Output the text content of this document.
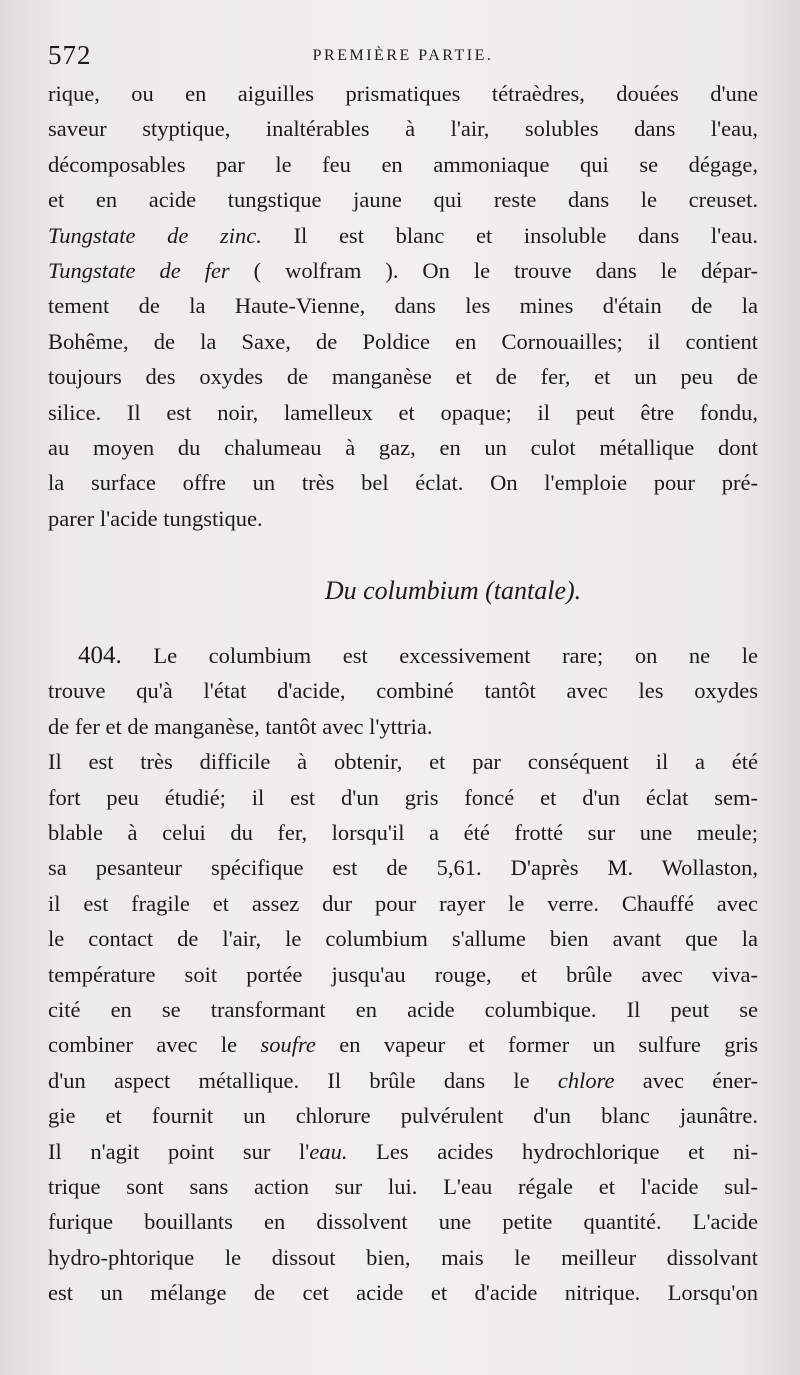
572	PREMIÈRE PARTIE.
rique, ou en aiguilles prismatiques tétraèdres, douées d'une
saveur styptique, inaltérables à l'air, solubles dans l'eau,
décomposables par le feu en ammoniaque qui se dégage,
et en acide tungstique jaune qui reste dans le creuset.
Tungstate de zinc. Il est blanc et insoluble dans l'eau.
Tungstate de fer ( wolfram ). On le trouve dans le dépar-
tement de la Haute-Vienne, dans les mines d'étain de la
Bohême, de la Saxe, de Poldice en Cornouailles; il contient
toujours des oxydes de manganèse et de fer, et un peu de
silice. Il est noir, lamelleux et opaque; il peut être fondu,
au moyen du chalumeau à gaz, en un culot métallique dont
la surface offre un très bel éclat. On l'emploie pour pré-
parer l'acide tungstique.
Du columbium (tantale).
404. Le columbium est excessivement rare; on ne le
trouve qu'à l'état d'acide, combiné tantôt avec les oxydes
de fer et de manganèse, tantôt avec l'yttria.
Il est très difficile à obtenir, et par conséquent il a été
fort peu étudié; il est d'un gris foncé et d'un éclat sem-
blable à celui du fer, lorsqu'il a été frotté sur une meule;
sa pesanteur spécifique est de 5,61. D'après M. Wollaston,
il est fragile et assez dur pour rayer le verre. Chauffé avec
le contact de l'air, le columbium s'allume bien avant que la
température soit portée jusqu'au rouge, et brûle avec viva-
cité en se transformant en acide columbique. Il peut se
combiner avec le soufre en vapeur et former un sulfure gris
d'un aspect métallique. Il brûle dans le chlore avec éner-
gie et fournit un chlorure pulvérulent d'un blanc jaunâtre.
Il n'agit point sur l'eau. Les acides hydrochlorique et ni-
trique sont sans action sur lui. L'eau régale et l'acide sul-
furique bouillants en dissolvent une petite quantité. L'acide
hydro-phtorique le dissout bien, mais le meilleur dissolvant
est un mélange de cet acide et d'acide nitrique. Lorsqu'on
